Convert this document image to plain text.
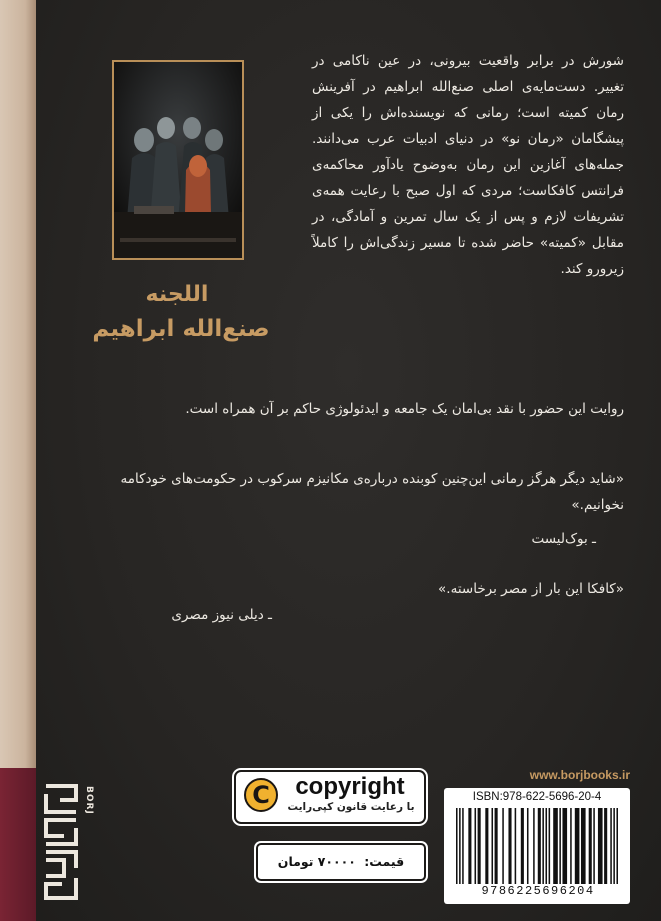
اللجنه
صنع‌الله ابراهیم

شورش در برابر واقعیت بیرونی، در عین ناکامی در تغییر. دست‌مایه‌ی اصلی صنع‌الله ابراهیم در آفرینش رمان کمیته است؛ رمانی که نویسنده‌اش را یکی از پیشگامان «رمان نو» در دنیای ادبیات عرب می‌دانند. جمله‌های آغازین این رمان به‌وضوح یادآور محاکمه‌ی فرانتس کافکاست؛ مردی که اول صبح با رعایت همه‌ی تشریفات لازم و پس از یک سال تمرین و آمادگی، در مقابل «کمیته» حاضر شده تا مسیر زندگی‌اش را کاملاً زیرورو کند.

روایت این حضور با نقد بی‌امان یک جامعه و ایدئولوژی حاکم بر آن همراه است.

«شاید دیگر هرگز رمانی این‌چنین کوبنده درباره‌ی مکانیزم سرکوب در حکومت‌های خودکامه نخوانیم.»

ـ بوک‌لیست

«کافکا این بار از مصر برخاسته.»

ـ دیلی نیوز مصری

BORJ	C	copyright
با رعایت قانون کپی‌رایت
قیمت: ۷۰۰۰۰ تومان
www.borjbooks.ir
ISBN:978-622-5696-20-4
9786225696204
